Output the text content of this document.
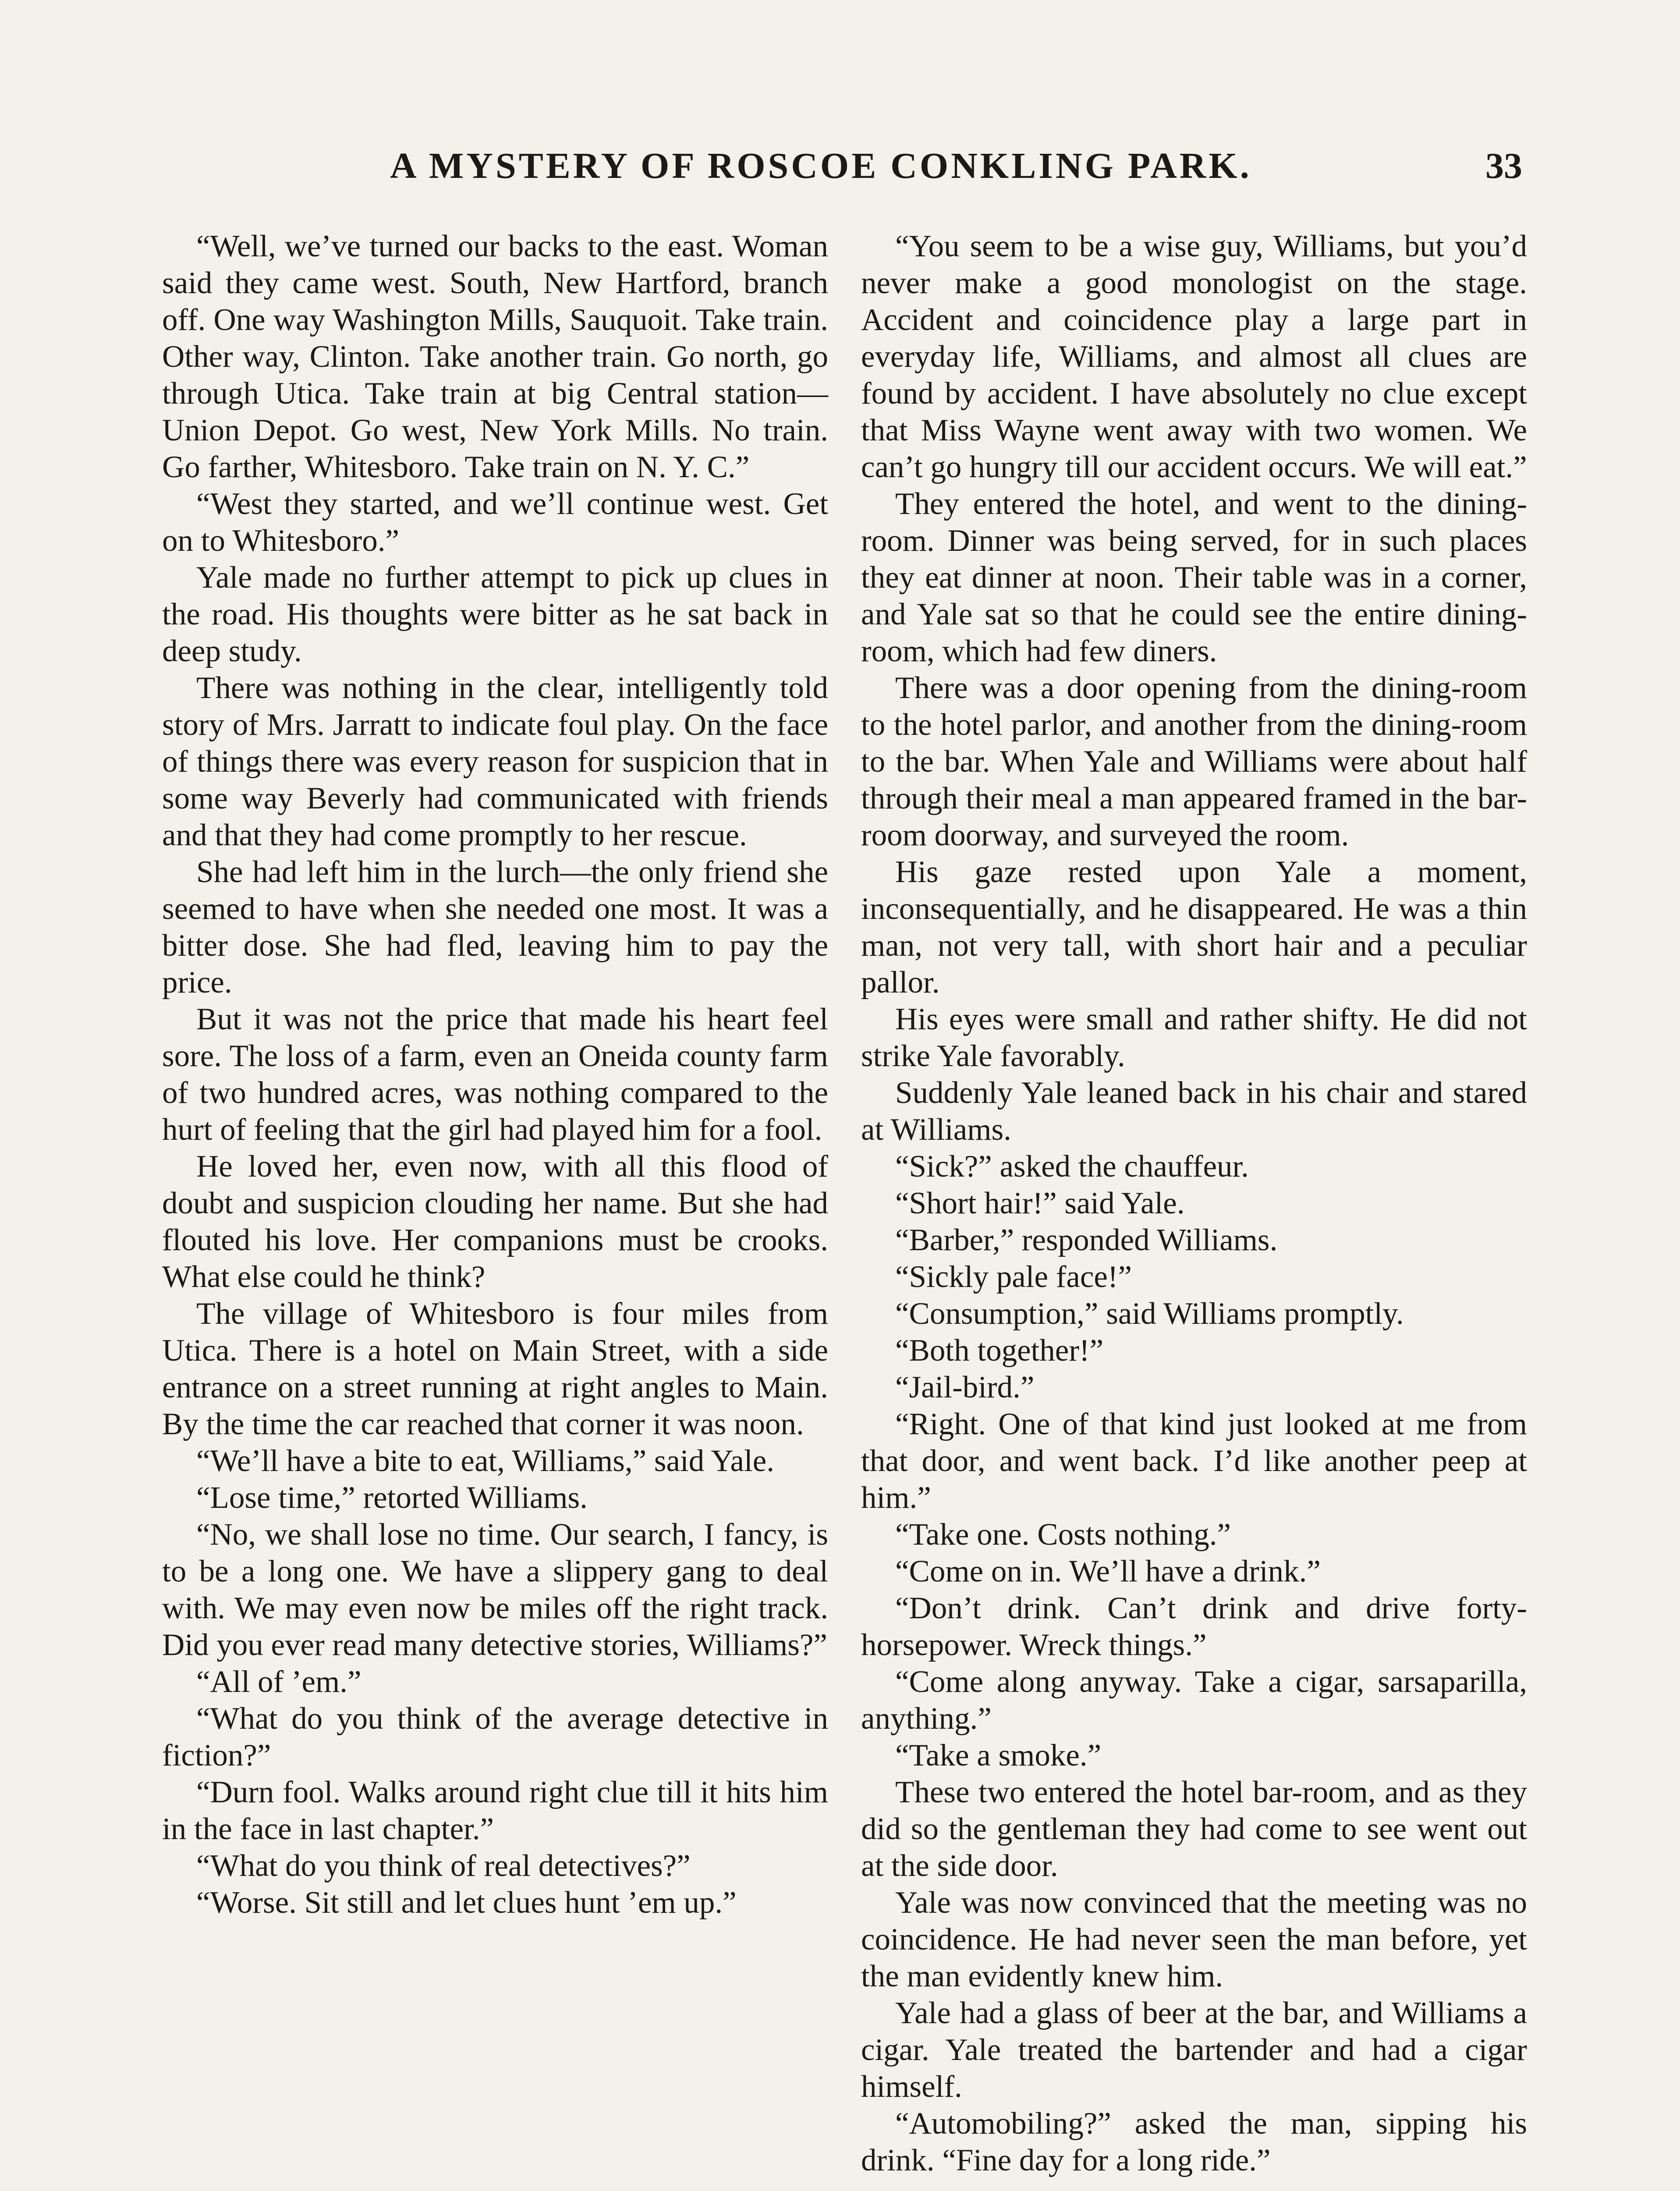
A MYSTERY OF ROSCOE CONKLING PARK.	33

“Well, we’ve turned our backs to the east. Woman said they came west. South, New Hartford, branch off. One way Washington Mills, Sauquoit. Take train. Other way, Clinton. Take another train. Go north, go through Utica. Take train at big Central station—Union Depot. Go west, New York Mills. No train. Go farther, Whitesboro. Take train on N. Y. C.”

“West they started, and we’ll continue west. Get on to Whitesboro.”

Yale made no further attempt to pick up clues in the road. His thoughts were bitter as he sat back in deep study.

There was nothing in the clear, intelligently told story of Mrs. Jarratt to indicate foul play. On the face of things there was every reason for suspicion that in some way Beverly had communicated with friends and that they had come promptly to her rescue.

She had left him in the lurch—the only friend she seemed to have when she needed one most. It was a bitter dose. She had fled, leaving him to pay the price.

But it was not the price that made his heart feel sore. The loss of a farm, even an Oneida county farm of two hundred acres, was nothing compared to the hurt of feeling that the girl had played him for a fool.

He loved her, even now, with all this flood of doubt and suspicion clouding her name. But she had flouted his love. Her companions must be crooks. What else could he think?

The village of Whitesboro is four miles from Utica. There is a hotel on Main Street, with a side entrance on a street running at right angles to Main. By the time the car reached that corner it was noon.

“We’ll have a bite to eat, Williams,” said Yale.

“Lose time,” retorted Williams.

“No, we shall lose no time. Our search, I fancy, is to be a long one. We have a slippery gang to deal with. We may even now be miles off the right track. Did you ever read many detective stories, Williams?”

“All of ’em.”

“What do you think of the average detective in fiction?”

“Durn fool. Walks around right clue till it hits him in the face in last chapter.”

“What do you think of real detectives?”

“Worse. Sit still and let clues hunt ’em up.”

“You seem to be a wise guy, Williams, but you’d never make a good monologist on the stage. Accident and coincidence play a large part in everyday life, Williams, and almost all clues are found by accident. I have absolutely no clue except that Miss Wayne went away with two women. We can’t go hungry till our accident occurs. We will eat.”

They entered the hotel, and went to the dining-room. Dinner was being served, for in such places they eat dinner at noon. Their table was in a corner, and Yale sat so that he could see the entire dining-room, which had few diners.

There was a door opening from the dining-room to the hotel parlor, and another from the dining-room to the bar. When Yale and Williams were about half through their meal a man appeared framed in the bar-room doorway, and surveyed the room.

His gaze rested upon Yale a moment, inconsequentially, and he disappeared. He was a thin man, not very tall, with short hair and a peculiar pallor.

His eyes were small and rather shifty. He did not strike Yale favorably.

Suddenly Yale leaned back in his chair and stared at Williams.

“Sick?” asked the chauffeur.

“Short hair!” said Yale.

“Barber,” responded Williams.

“Sickly pale face!”

“Consumption,” said Williams promptly.

“Both together!”

“Jail-bird.”

“Right. One of that kind just looked at me from that door, and went back. I’d like another peep at him.”

“Take one. Costs nothing.”

“Come on in. We’ll have a drink.”

“Don’t drink. Can’t drink and drive forty-horsepower. Wreck things.”

“Come along anyway. Take a cigar, sarsaparilla, anything.”

“Take a smoke.”

These two entered the hotel bar-room, and as they did so the gentleman they had come to see went out at the side door.

Yale was now convinced that the meeting was no coincidence. He had never seen the man before, yet the man evidently knew him.

Yale had a glass of beer at the bar, and Williams a cigar. Yale treated the bartender and had a cigar himself.

“Automobiling?” asked the man, sipping his drink. “Fine day for a long ride.”
